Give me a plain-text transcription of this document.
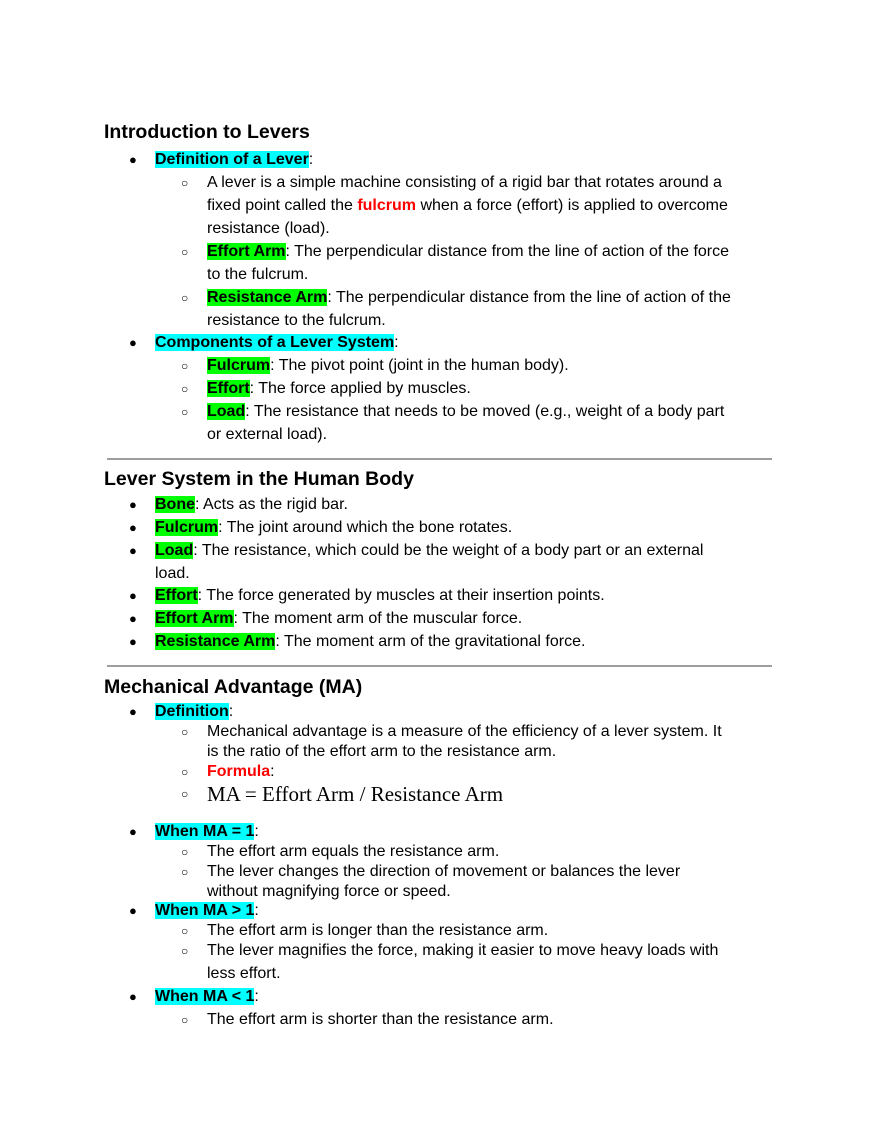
Introduction to Levers
● Definition of a Lever:
○ A lever is a simple machine consisting of a rigid bar that rotates around a
fixed point called the fulcrum when a force (effort) is applied to overcome
resistance (load).
○ Effort Arm: The perpendicular distance from the line of action of the force
to the fulcrum.
○ Resistance Arm: The perpendicular distance from the line of action of the
resistance to the fulcrum.
● Components of a Lever System:
○ Fulcrum: The pivot point (joint in the human body).
○ Effort: The force applied by muscles.
○ Load: The resistance that needs to be moved (e.g., weight of a body part
or external load).
Lever System in the Human Body
● Bone: Acts as the rigid bar.
● Fulcrum: The joint around which the bone rotates.
● Load: The resistance, which could be the weight of a body part or an external
load.
● Effort: The force generated by muscles at their insertion points.
● Effort Arm: The moment arm of the muscular force.
● Resistance Arm: The moment arm of the gravitational force.
Mechanical Advantage (MA)
● Definition:
○ Mechanical advantage is a measure of the efficiency of a lever system. It
is the ratio of the effort arm to the resistance arm.
○ Formula:
○ MA = Effort Arm / Resistance Arm
● When MA = 1:
○ The effort arm equals the resistance arm.
○ The lever changes the direction of movement or balances the lever
without magnifying force or speed.
● When MA > 1:
○ The effort arm is longer than the resistance arm.
○ The lever magnifies the force, making it easier to move heavy loads with
less effort.
● When MA < 1:
○ The effort arm is shorter than the resistance arm.
